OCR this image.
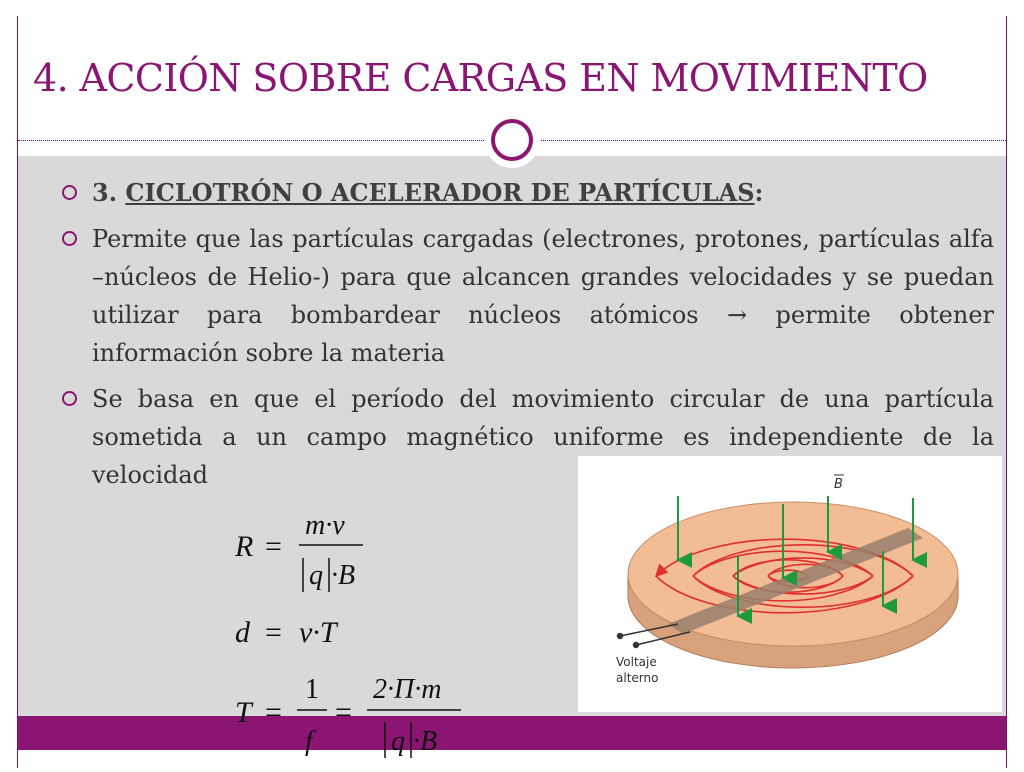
4. ACCIÓN SOBRE CARGAS EN MOVIMIENTO

3. CICLOTRÓN O ACELERADOR DE PARTÍCULAS:

Permite que las partículas cargadas (electrones, protones, partículas alfa –núcleos de Helio-) para que alcancen grandes velocidades y se puedan utilizar para bombardear núcleos atómicos → permite obtener información sobre la materia

Se basa en que el período del movimiento circular de una partícula sometida a un campo magnético uniforme es independiente de la velocidad

Voltaje
alterno
B
R =
m·v
q ·B
d = v·T
T =
1
f
=
2·Π·m
q ·B
